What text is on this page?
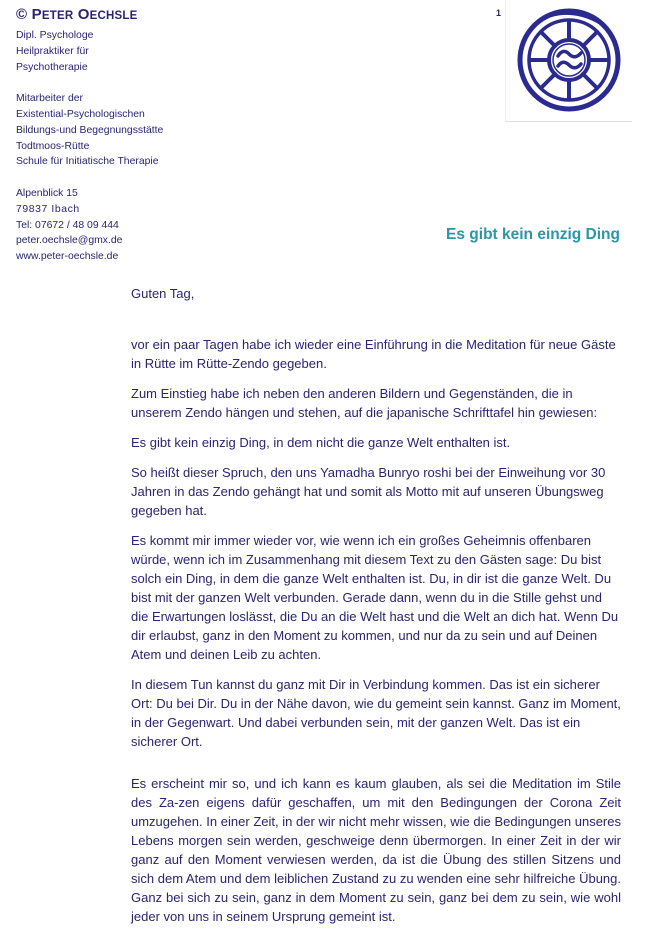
© PETER OECHSLE
Dipl. Psychologe
Heilpraktiker für
Psychotherapie
Mitarbeiter der
Existential-Psychologischen
Bildungs-und Begegnungsstätte
Todtmoos-Rütte
Schule für Initiatische Therapie
Alpenblick 15
79837 Ibach
Tel: 07672 / 48 09 444
peter.oechsle@gmx.de
www.peter-oechsle.de
1
Es gibt kein einzig Ding

Guten Tag,

vor ein paar Tagen habe ich wieder eine Einführung in die Meditation für neue Gäste in Rütte im Rütte-Zendo gegeben.

Zum Einstieg habe ich neben den anderen Bildern und Gegenständen, die in unserem Zendo hängen und stehen, auf die japanische Schrifttafel hin gewiesen:

Es gibt kein einzig Ding, in dem nicht die ganze Welt enthalten ist.

So heißt dieser Spruch, den uns Yamadha Bunryo roshi bei der Einweihung vor 30 Jahren in das Zendo gehängt hat und somit als Motto mit auf unseren Übungsweg gegeben hat.

Es kommt mir immer wieder vor, wie wenn ich ein großes Geheimnis offenbaren würde, wenn ich im Zusammenhang mit diesem Text zu den Gästen sage: Du bist solch ein Ding, in dem die ganze Welt enthalten ist. Du, in dir ist die ganze Welt. Du bist mit der ganzen Welt verbunden. Gerade dann, wenn du in die Stille gehst und die Erwartungen loslässt, die Du an die Welt hast und die Welt an dich hat. Wenn Du dir erlaubst, ganz in den Moment zu kommen, und nur da zu sein und auf Deinen Atem und deinen Leib zu achten.

In diesem Tun kannst du ganz mit Dir in Verbindung kommen. Das ist ein sicherer Ort: Du bei Dir. Du in der Nähe davon, wie du gemeint sein kannst. Ganz im Moment, in der Gegenwart. Und dabei verbunden sein, mit der ganzen Welt. Das ist ein sicherer Ort.

Es erscheint mir so, und ich kann es kaum glauben, als sei die Meditation im Stile des Za-zen eigens dafür geschaffen, um mit den Bedingungen der Corona Zeit umzugehen. In einer Zeit, in der wir nicht mehr wissen, wie die Bedingungen unseres Lebens morgen sein werden, geschweige denn übermorgen. In einer Zeit in der wir ganz auf den Moment verwiesen werden, da ist die Übung des stillen Sitzens und sich dem Atem und dem leiblichen Zustand zu zu wenden eine sehr hilfreiche Übung. Ganz bei sich zu sein, ganz in dem Moment zu sein, ganz bei dem zu sein, wie wohl jeder von uns in seinem Ursprung gemeint ist.
